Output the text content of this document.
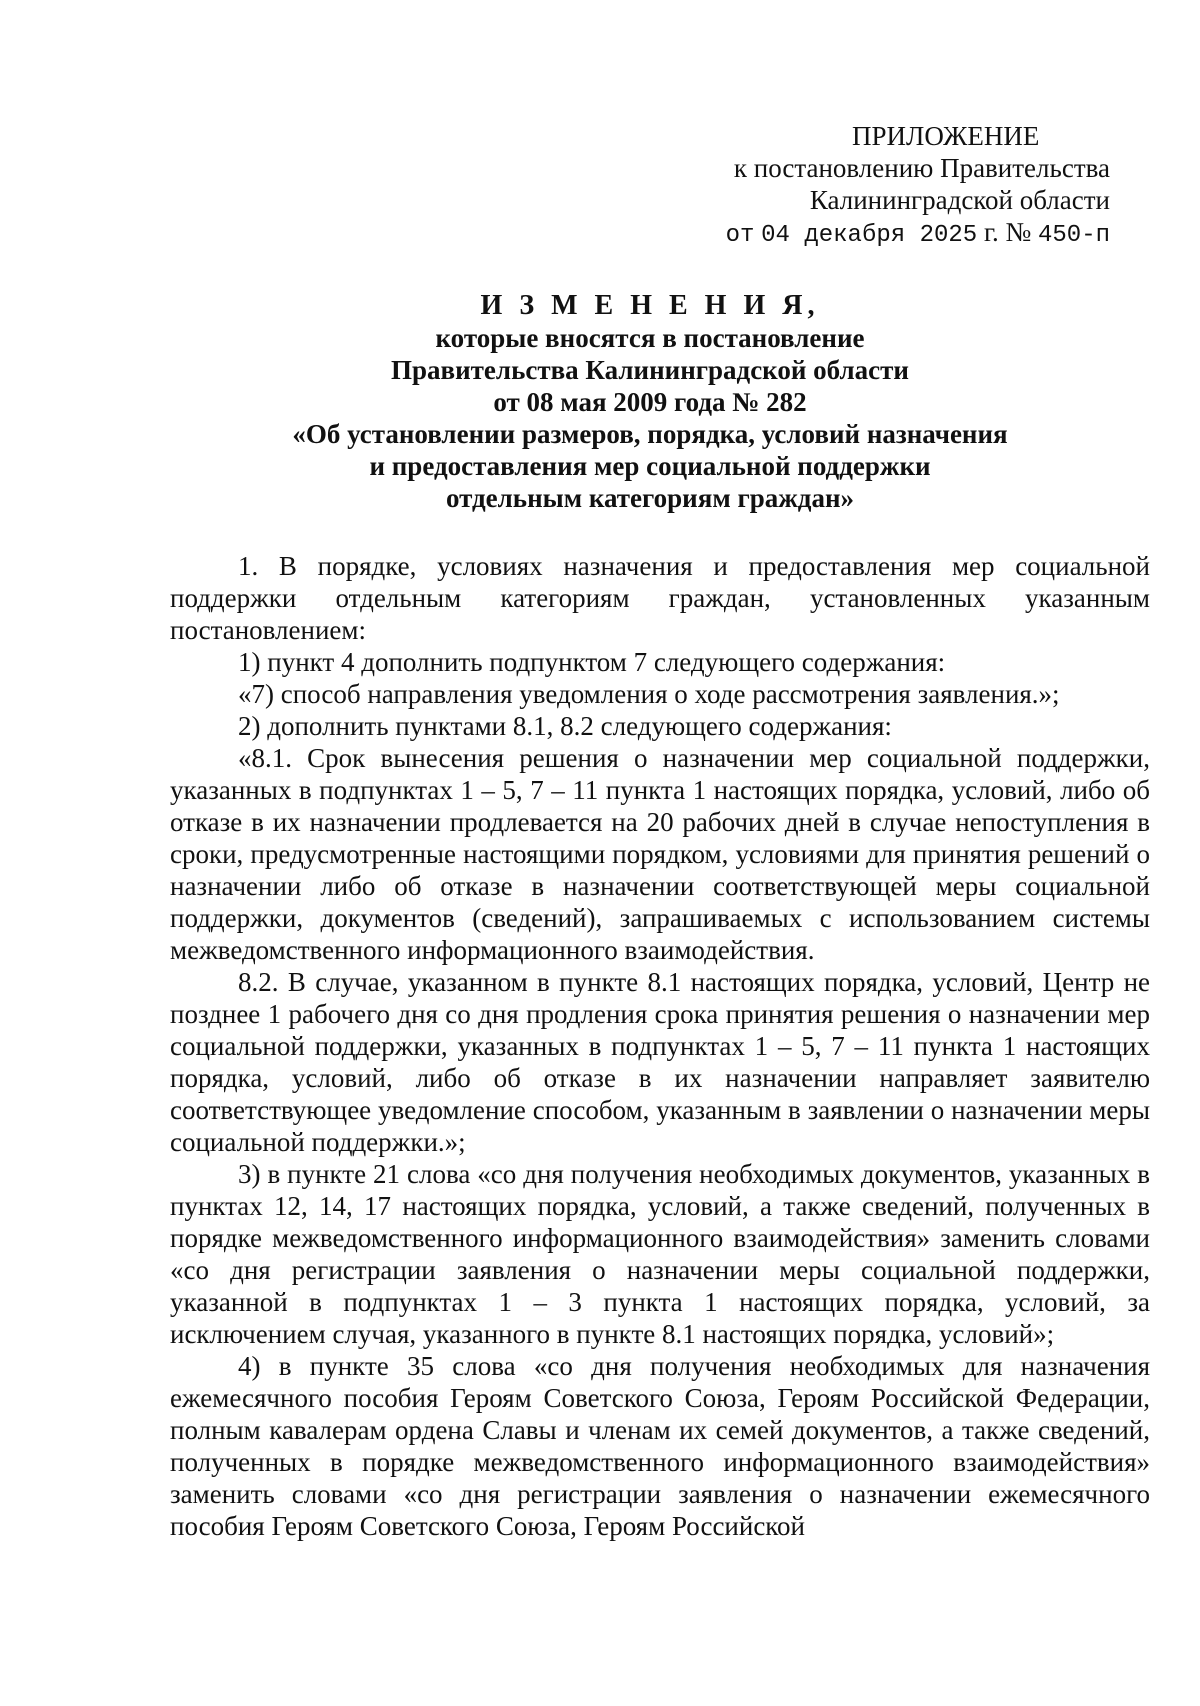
ПРИЛОЖЕНИЕ
к постановлению Правительства
Калининградской области
от 04 декабря 2025 г. № 450-п
И З М Е Н Е Н И Я,
которые вносятся в постановление
Правительства Калининградской области
от 08 мая 2009 года № 282
«Об установлении размеров, порядка, условий назначения
и предоставления мер социальной поддержки
отдельным категориям граждан»

1. В порядке, условиях назначения и предоставления мер социальной поддержки отдельным категориям граждан, установленных указанным постановлением:

1) пункт 4 дополнить подпунктом 7 следующего содержания:

«7) способ направления уведомления о ходе рассмотрения заявления.»;

2) дополнить пунктами 8.1, 8.2 следующего содержания:

«8.1. Срок вынесения решения о назначении мер социальной поддержки, указанных в подпунктах 1 – 5, 7 – 11 пункта 1 настоящих порядка, условий, либо об отказе в их назначении продлевается на 20 рабочих дней в случае непоступления в сроки, предусмотренные настоящими порядком, условиями для принятия решений о назначении либо об отказе в назначении соответствующей меры социальной поддержки, документов (сведений), запрашиваемых с использованием системы межведомственного информационного взаимодействия.

8.2. В случае, указанном в пункте 8.1 настоящих порядка, условий, Центр не позднее 1 рабочего дня со дня продления срока принятия решения о назначении мер социальной поддержки, указанных в подпунктах 1 – 5, 7 – 11 пункта 1 настоящих порядка, условий, либо об отказе в их назначении направляет заявителю соответствующее уведомление способом, указанным в заявлении о назначении меры социальной поддержки.»;

3) в пункте 21 слова «со дня получения необходимых документов, указанных в пунктах 12, 14, 17 настоящих порядка, условий, а также сведений, полученных в порядке межведомственного информационного взаимодействия» заменить словами «со дня регистрации заявления о назначении меры социальной поддержки, указанной в подпунктах 1 – 3 пункта 1 настоящих порядка, условий, за исключением случая, указанного в пункте 8.1 настоящих порядка, условий»;

4) в пункте 35 слова «со дня получения необходимых для назначения ежемесячного пособия Героям Советского Союза, Героям Российской Федерации, полным кавалерам ордена Славы и членам их семей документов, а также сведений, полученных в порядке межведомственного информационного взаимодействия» заменить словами «со дня регистрации заявления о назначении ежемесячного пособия Героям Советского Союза, Героям Российской
